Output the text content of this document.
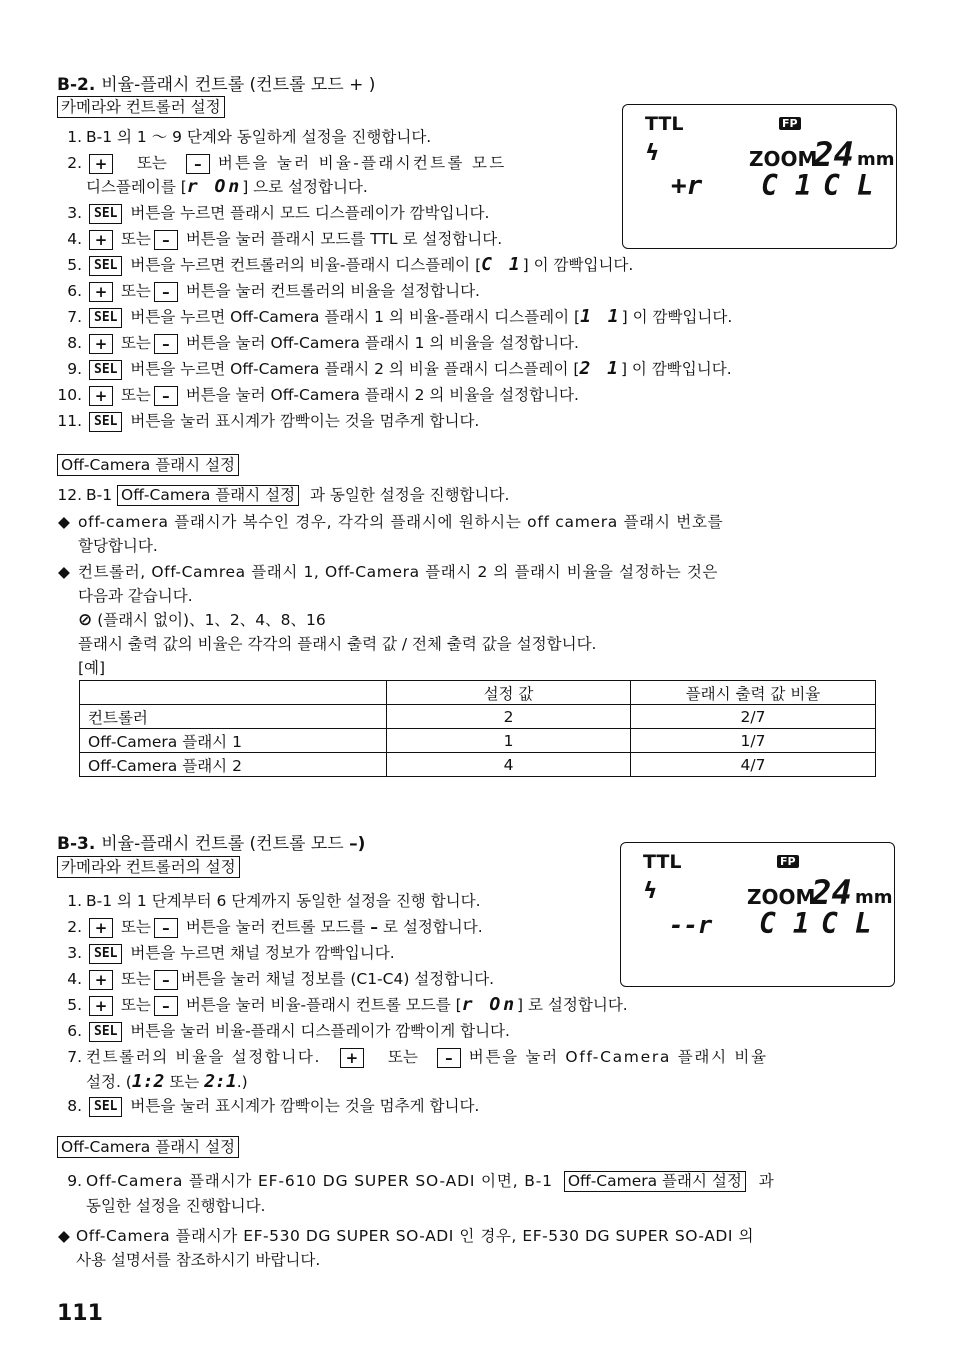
B-2. 비율-플래시 컨트롤 (컨트롤 모드 + )
카메라와 컨트롤러 설정
TTL	FP
ϟ	ZOOM
24 mm
+r C 1 C L
1. B-1 의 1 ～ 9 단계와 동일하게 설정을 진행합니다.
2. + 또는 – 버튼을 눌러 비율-플래시컨트롤 모드
디스플레이를 [r On] 으로 설정합니다.
3. SEL 버튼을 누르면 플래시 모드 디스플레이가 깜박입니다.
4. + 또는 – 버튼을 눌러 플래시 모드를 TTL 로 설정합니다.
5. SEL 버튼을 누르면 컨트롤러의 비율-플래시 디스플레이 [C 1] 이 깜빡입니다.
6. + 또는 – 버튼을 눌러 컨트롤러의 비율을 설정합니다.
7. SEL 버튼을 누르면 Off-Camera 플래시 1 의 비율-플래시 디스플레이 [1 1] 이 깜빡입니다.
8. + 또는 – 버튼을 눌러 Off-Camera 플래시 1 의 비율을 설정합니다.
9. SEL 버튼을 누르면 Off-Camera 플래시 2 의 비율 플래시 디스플레이 [2 1] 이 깜빡입니다.
10. + 또는 – 버튼을 눌러 Off-Camera 플래시 2 의 비율을 설정합니다.
11. SEL 버튼을 눌러 표시계가 깜빡이는 것을 멈추게 합니다.
Off-Camera 플래시 설정
12. B-1 Off-Camera 플래시 설정 과 동일한 설정을 진행합니다.
◆ off-camera 플래시가 복수인 경우, 각각의 플래시에 원하시는 off camera 플래시 번호를
할당합니다.
◆ 컨트롤러, Off-Camrea 플래시 1, Off-Camera 플래시 2 의 플래시 비율을 설정하는 것은
다음과 같습니다.
⊘ (플래시 없이)、1、2、4、8、16
플래시 출력 값의 비율은 각각의 플래시 출력 값 / 전체 출력 값을 설정합니다.
[예]
	설정 값	플래시 출력 값 비율
컨트롤러	2	2/7
Off-Camera 플래시 1	1	1/7
Off-Camera 플래시 2	4	4/7
B-3. 비율-플래시 컨트롤 (컨트롤 모드 –)
카메라와 컨트롤러의 설정	TTL	FP
ϟ	ZOOM
24 mm
--r C 1 C L
1. B-1 의 1 단계부터 6 단계까지 동일한 설정을 진행 합니다.
2. + 또는 – 버튼을 눌러 컨트롤 모드를 – 로 설정합니다.
3. SEL 버튼을 누르면 채널 정보가 깜빡입니다.
4. + 또는 – 버튼을 눌러 채널 정보를 (C1-C4) 설정합니다.
5. + 또는 – 버튼을 눌러 비율-플래시 컨트롤 모드를 [r On] 로 설정합니다.
6. SEL 버튼을 눌러 비율-플래시 디스플레이가 깜빡이게 합니다.
7. 컨트롤러의 비율을 설정합니다. + 또는 – 버튼을 눌러 Off-Camera 플래시 비율
설정. (1:2 또는 2:1.)
8. SEL 버튼을 눌러 표시계가 깜빡이는 것을 멈추게 합니다.
Off-Camera 플래시 설정
9. Off-Camera 플래시가 EF-610 DG SUPER SO-ADI 이면, B-1 Off-Camera 플래시 설정 과
동일한 설정을 진행합니다.
◆ Off-Camera 플래시가 EF-530 DG SUPER SO-ADI 인 경우, EF-530 DG SUPER SO-ADI 의
사용 설명서를 참조하시기 바랍니다.
111
